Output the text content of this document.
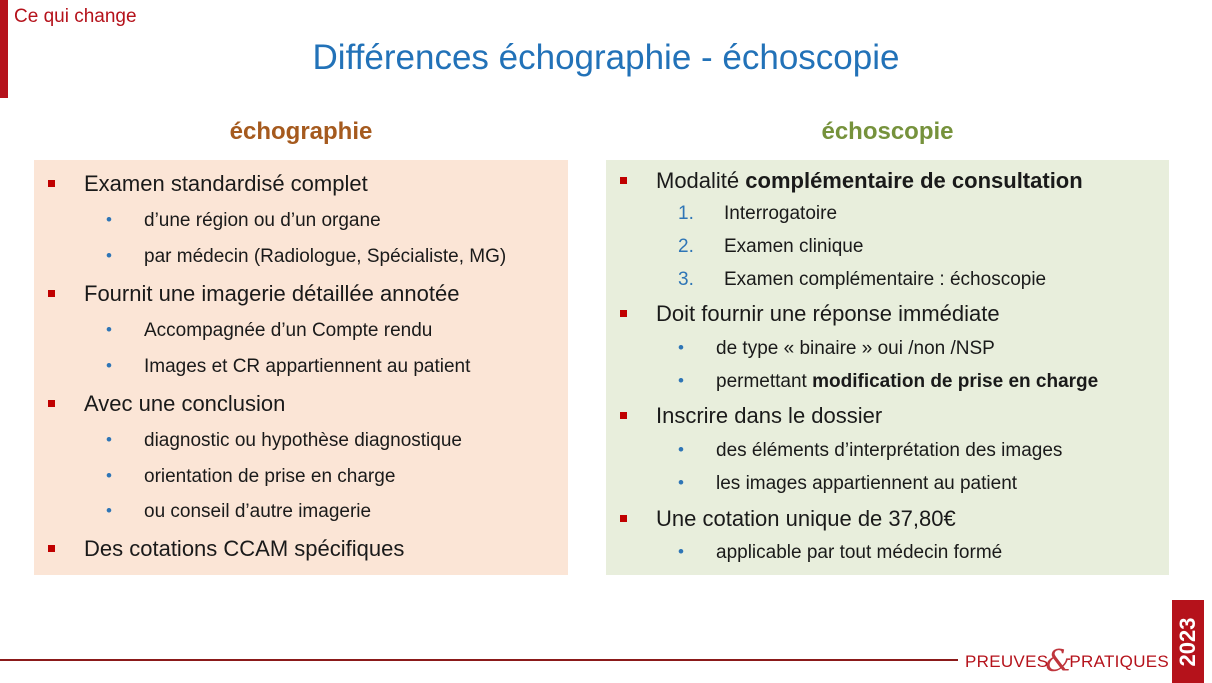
Ce qui change
Différences échographie - échoscopie
échographie	échoscopie
Examen standardisé complet
• d’une région ou d’un organe
• par médecin (Radiologue, Spécialiste, MG)
Fournit une imagerie détaillée annotée
• Accompagnée d’un Compte rendu
• Images et CR appartiennent au patient
Avec une conclusion
• diagnostic ou hypothèse diagnostique
• orientation de prise en charge
• ou conseil d’autre imagerie
Des cotations CCAM spécifiques
Modalité complémentaire de consultation
1. Interrogatoire
2. Examen clinique
3. Examen complémentaire : échoscopie
Doit fournir une réponse immédiate
• de type « binaire » oui /non /NSP
• permettant modification de prise en charge
Inscrire dans le dossier
• des éléments d’interprétation des images
• les images appartiennent au patient
Une cotation unique de 37,80€
• applicable par tout médecin formé
PREUVES&PRATIQUES 2023
